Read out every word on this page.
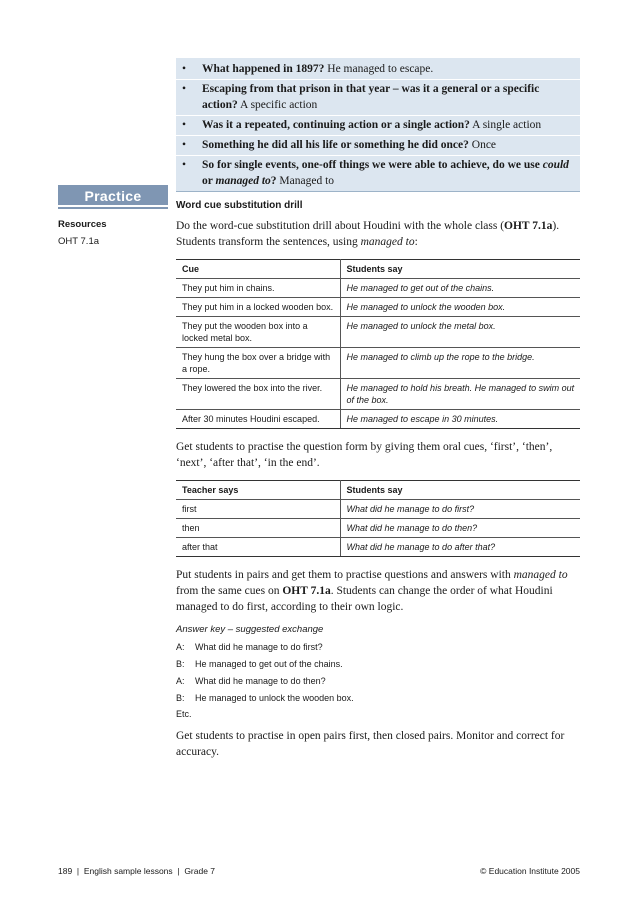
•	What happened in 1897? He managed to escape.
•	Escaping from that prison in that year – was it a general or a specific action? A specific action
•	Was it a repeated, continuing action or a single action? A single action
•	Something he did all his life or something he did once? Once
•	So for single events, one-off things we were able to achieve, do we use could or managed to? Managed to
Practice
Resources
OHT 7.1a
Word cue substitution drill

Do the word-cue substitution drill about Houdini with the whole class (OHT 7.1a). Students transform the sentences, using managed to:

Cue	Students say
They put him in chains.	He managed to get out of the chains.
They put him in a locked wooden box.	He managed to unlock the wooden box.
They put the wooden box into a locked metal box.	He managed to unlock the metal box.
They hung the box over a bridge with a rope.	He managed to climb up the rope to the bridge.
They lowered the box into the river.	He managed to hold his breath. He managed to swim out of the box.
After 30 minutes Houdini escaped.	He managed to escape in 30 minutes.

Get students to practise the question form by giving them oral cues, ‘first’, ‘then’, ‘next’, ‘after that’, ‘in the end’.

Teacher says	Students say
first	What did he manage to do first?
then	What did he manage to do then?
after that	What did he manage to do after that?

Put students in pairs and get them to practise questions and answers with managed to from the same cues on OHT 7.1a. Students can change the order of what Houdini managed to do first, according to their own logic.

Answer key – suggested exchange
A:	What did he manage to do first?
B:	He managed to get out of the chains.
A:	What did he manage to do then?
B:	He managed to unlock the wooden box.
Etc.

Get students to practise in open pairs first, then closed pairs. Monitor and correct for accuracy.

189  |  English sample lessons  |  Grade 7	© Education Institute 2005
